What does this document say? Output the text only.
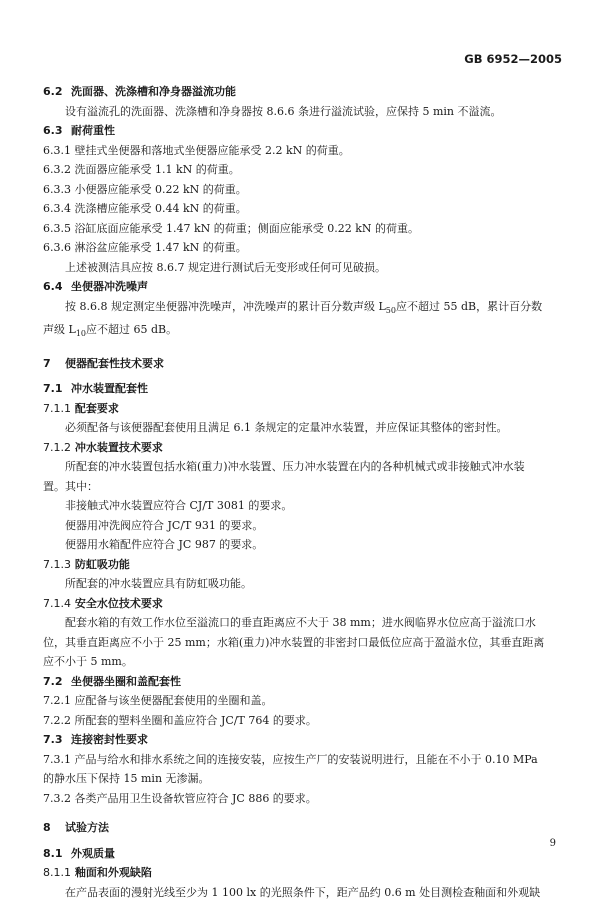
GB 6952—2005
6.2 洗面器、洗涤槽和净身器溢流功能
设有溢流孔的洗面器、洗涤槽和净身器按 8.6.6 条进行溢流试验，应保持 5 min 不溢流。
6.3 耐荷重性
6.3.1 壁挂式坐便器和落地式坐便器应能承受 2.2 kN 的荷重。
6.3.2 洗面器应能承受 1.1 kN 的荷重。
6.3.3 小便器应能承受 0.22 kN 的荷重。
6.3.4 洗涤槽应能承受 0.44 kN 的荷重。
6.3.5 浴缸底面应能承受 1.47 kN 的荷重；侧面应能承受 0.22 kN 的荷重。
6.3.6 淋浴盆应能承受 1.47 kN 的荷重。
上述被测洁具应按 8.6.7 规定进行测试后无变形或任何可见破损。
6.4 坐便器冲洗噪声
按 8.6.8 规定测定坐便器冲洗噪声，冲洗噪声的累计百分数声级 $L_{50}$应不超过 55 dB，累计百分数
声级 $L_{10}$应不超过 65 dB。
7 便器配套性技术要求
7.1 冲水装置配套性
7.1.1 配套要求
必须配备与该便器配套使用且满足 6.1 条规定的定量冲水装置，并应保证其整体的密封性。
7.1.2 冲水装置技术要求
所配套的冲水装置包括水箱(重力)冲水装置、压力冲水装置在内的各种机械式或非接触式冲水装
置。其中：
非接触式冲水装置应符合 CJ/T 3081 的要求。
便器用冲洗阀应符合 JC/T 931 的要求。
便器用水箱配件应符合 JC 987 的要求。
7.1.3 防虹吸功能
所配套的冲水装置应具有防虹吸功能。
7.1.4 安全水位技术要求
配套水箱的有效工作水位至溢流口的垂直距离应不大于 38 mm；进水阀临界水位应高于溢流口水
位，其垂直距离应不小于 25 mm；水箱(重力)冲水装置的非密封口最低位应高于盈溢水位，其垂直距离
应不小于 5 mm。
7.2 坐便器坐圈和盖配套性
7.2.1 应配备与该坐便器配套使用的坐圈和盖。
7.2.2 所配套的塑料坐圈和盖应符合 JC/T 764 的要求。
7.3 连接密封性要求
7.3.1 产品与给水和排水系统之间的连接安装，应按生产厂的安装说明进行，且能在不小于 0.10 MPa
的静水压下保持 15 min 无渗漏。
7.3.2 各类产品用卫生设备软管应符合 JC 886 的要求。
8 试验方法
8.1 外观质量
8.1.1 釉面和外观缺陷
在产品表面的漫射光线至少为 1 100 lx 的光照条件下，距产品约 0.6 m 处目测检查釉面和外观缺
9
